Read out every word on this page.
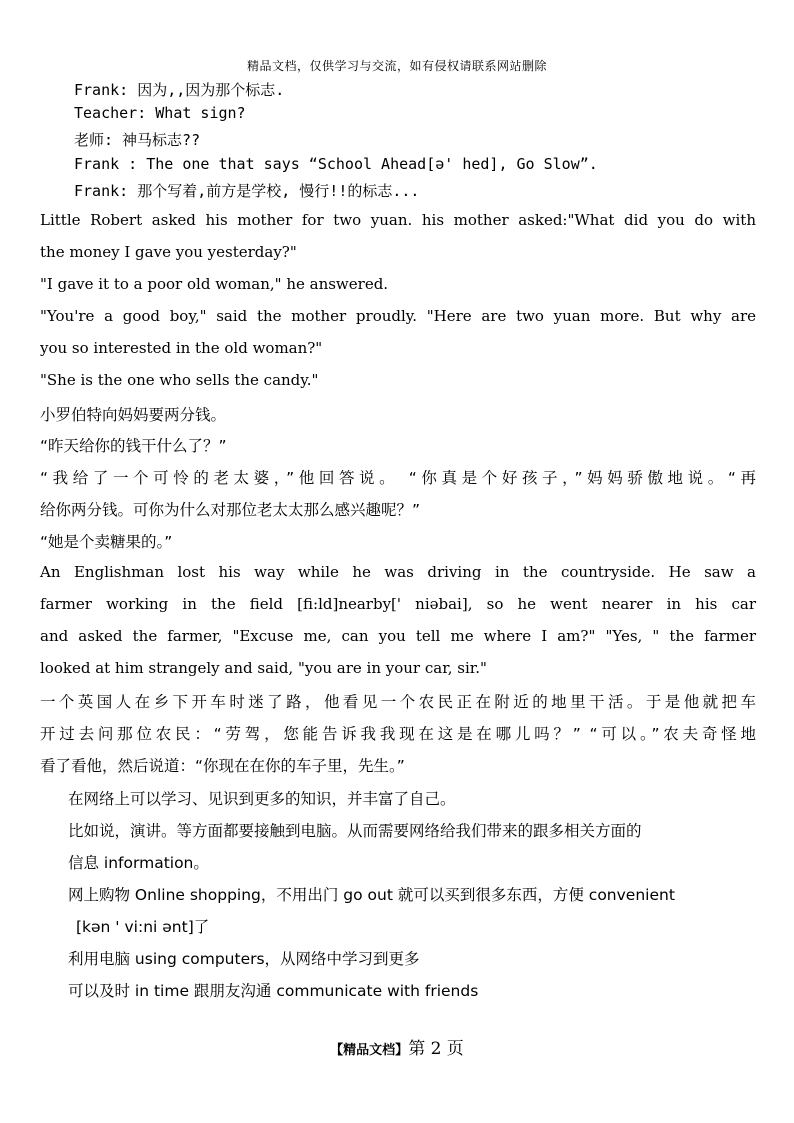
精品文档，仅供学习与交流，如有侵权请联系网站删除
Frank: 因为,,因为那个标志.
Teacher: What sign?
老师: 神马标志??
Frank : The one that says “School Ahead[ə' hed], Go Slow”.
Frank: 那个写着,前方是学校, 慢行!!的标志...
Little Robert asked his mother for two yuan. his mother asked:"What did you do with
the money I gave you yesterday?"
"I gave it to a poor old woman," he answered.
"You're a good boy," said the mother proudly. "Here are two yuan more. But why are
you so interested in the old woman?"
"She is the one who sells the candy."
小罗伯特向妈妈要两分钱。
“昨天给你的钱干什么了？”
“我给了一个可怜的老太婆，”他回答说。 “你真是个好孩子，”妈妈骄傲地说。“再
给你两分钱。可你为什么对那位老太太那么感兴趣呢？”
“她是个卖糖果的。”
An Englishman lost his way while he was driving in the countryside. He saw a
farmer working in the field [fi:ld]nearby[' niəbai], so he went nearer in his car
and asked the farmer, "Excuse me, can you tell me where I am?" "Yes, " the farmer
looked at him strangely and said, "you are in your car, sir."
一个英国人在乡下开车时迷了路，他看见一个农民正在附近的地里干活。于是他就把车
开过去问那位农民：“劳驾，您能告诉我我现在这是在哪儿吗？” “可以。”农夫奇怪地
看了看他，然后说道：“你现在在你的车子里，先生。”
在网络上可以学习、见识到更多的知识，并丰富了自己。
比如说，演讲。等方面都要接触到电脑。从而需要网络给我们带来的跟多相关方面的
信息 information。
网上购物 Online shopping，不用出门 go out 就可以买到很多东西，方便 convenient
[kən ' vi:ni ənt]了
利用电脑 using computers，从网络中学习到更多
可以及时 in time 跟朋友沟通 communicate with friends
【精品文档】第 2 页
